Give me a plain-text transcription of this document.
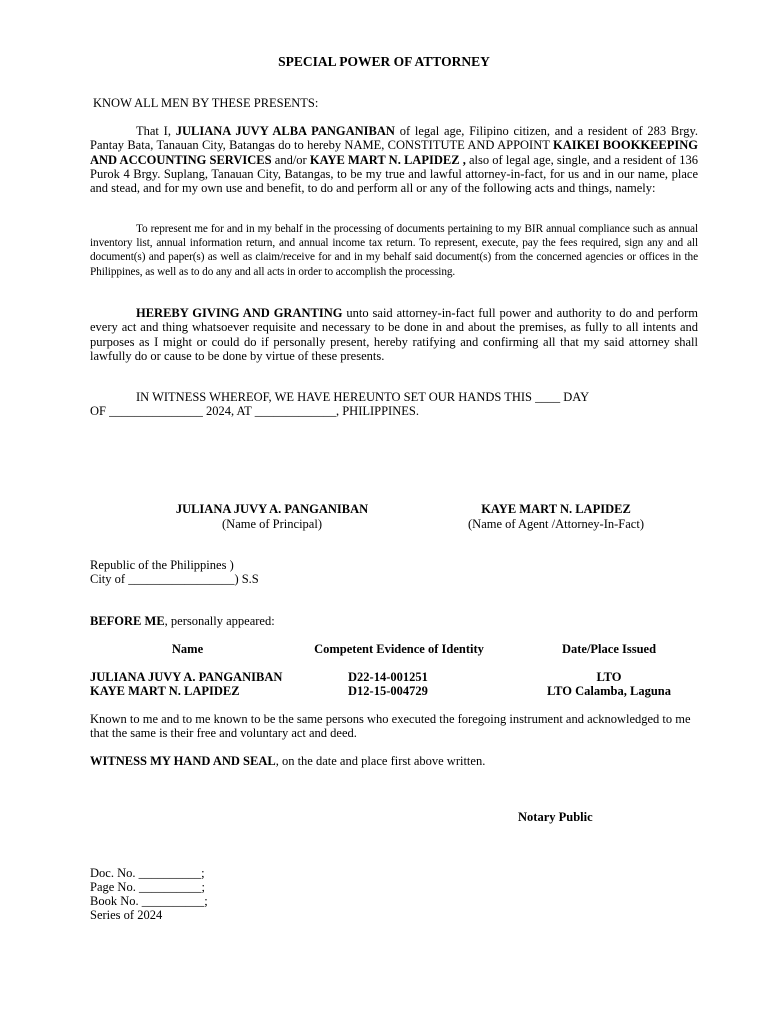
SPECIAL POWER OF ATTORNEY
KNOW ALL MEN BY THESE PRESENTS:
That I, JULIANA JUVY ALBA PANGANIBAN of legal age, Filipino citizen, and a resident of 283 Brgy. Pantay Bata, Tanauan City, Batangas do to hereby NAME, CONSTITUTE AND APPOINT KAIKEI BOOKKEEPING AND ACCOUNTING SERVICES and/or KAYE MART N. LAPIDEZ , also of legal age, single, and a resident of 136 Purok 4 Brgy. Suplang, Tanauan City, Batangas, to be my true and lawful attorney-in-fact, for us and in our name, place and stead, and for my own use and benefit, to do and perform all or any of the following acts and things, namely:
To represent me for and in my behalf in the processing of documents pertaining to my BIR annual compliance such as annual inventory list, annual information return, and annual income tax return. To represent, execute, pay the fees required, sign any and all document(s) and paper(s) as well as claim/receive for and in my behalf said document(s) from the concerned agencies or offices in the Philippines, as well as to do any and all acts in order to accomplish the processing.
HEREBY GIVING AND GRANTING unto said attorney-in-fact full power and authority to do and perform every act and thing whatsoever requisite and necessary to be done in and about the premises, as fully to all intents and purposes as I might or could do if personally present, hereby ratifying and confirming all that my said attorney shall lawfully do or cause to be done by virtue of these presents.
IN WITNESS WHEREOF, WE HAVE HEREUNTO SET OUR HANDS THIS ____ DAY
OF _______________ 2024, AT _____________, PHILIPPINES.
JULIANA JUVY A. PANGANIBAN
(Name of Principal)
KAYE MART N. LAPIDEZ
(Name of Agent /Attorney-In-Fact)
Republic of the Philippines )
City of _________________) S.S
BEFORE ME, personally appeared:
Name	Competent Evidence of Identity	Date/Place Issued
JULIANA JUVY A. PANGANIBAN	D22-14-001251	LTO
KAYE MART N. LAPIDEZ	D12-15-004729	LTO Calamba, Laguna
Known to me and to me known to be the same persons who executed the foregoing instrument and acknowledged to me that the same is their free and voluntary act and deed.
WITNESS MY HAND AND SEAL, on the date and place first above written.
Notary Public
Doc. No. __________;
Page No. __________;
Book No. __________;
Series of 2024
